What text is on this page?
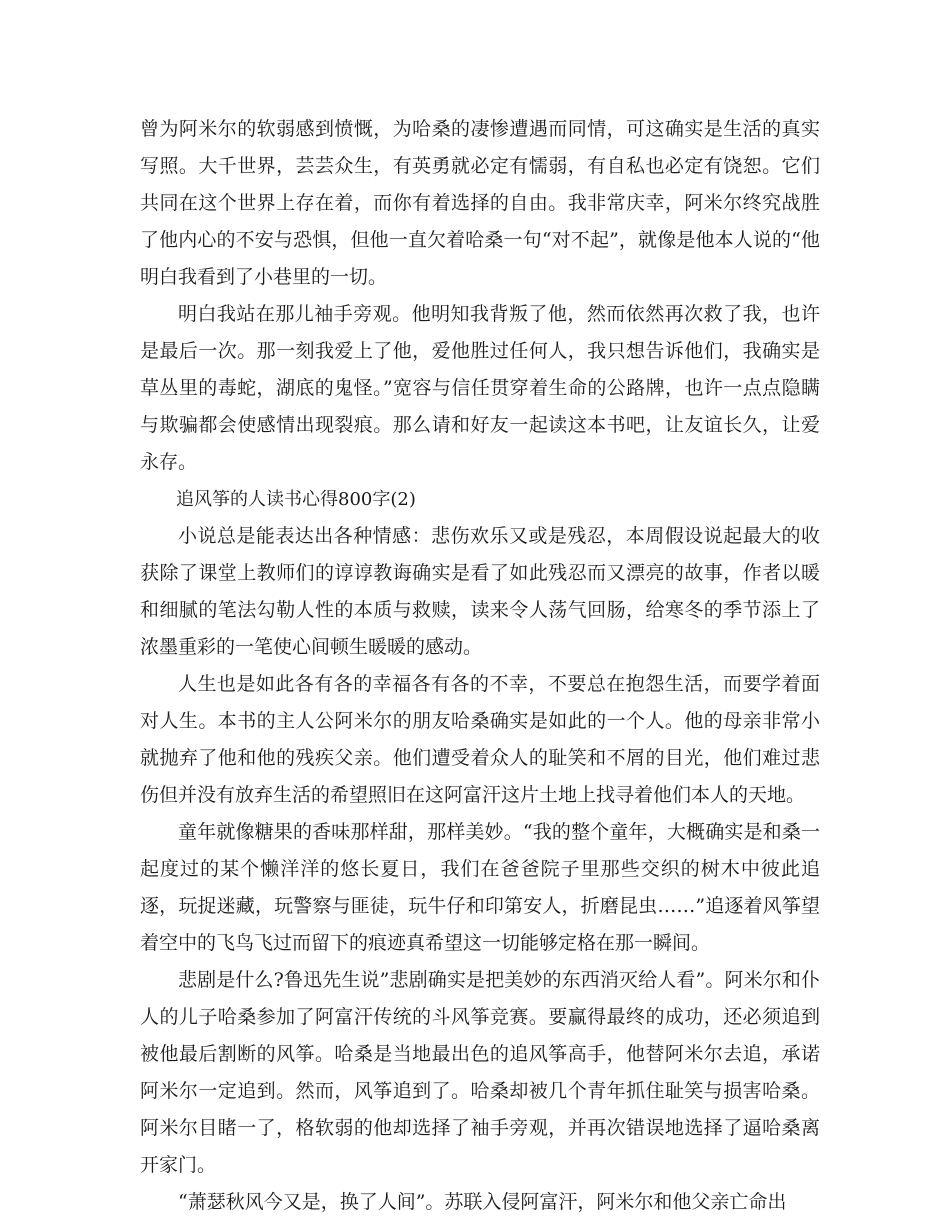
曾为阿米尔的软弱感到愤慨，为哈桑的凄惨遭遇而同情，可这确实是生活的真实写照。大千世界，芸芸众生，有英勇就必定有懦弱，有自私也必定有饶恕。它们共同在这个世界上存在着，而你有着选择的自由。我非常庆幸，阿米尔终究战胜了他内心的不安与恐惧，但他一直欠着哈桑一句“对不起”，就像是他本人说的“他明白我看到了小巷里的一切。

明白我站在那儿袖手旁观。他明知我背叛了他，然而依然再次救了我，也许是最后一次。那一刻我爱上了他，爱他胜过任何人，我只想告诉他们，我确实是草丛里的毒蛇，湖底的鬼怪。”宽容与信任贯穿着生命的公路牌，也许一点点隐瞒与欺骗都会使感情出现裂痕。那么请和好友一起读这本书吧，让友谊长久，让爱永存。

追风筝的人读书心得800字(2)

小说总是能表达出各种情感：悲伤欢乐又或是残忍，本周假设说起最大的收获除了课堂上教师们的谆谆教诲确实是看了如此残忍而又漂亮的故事，作者以暖和细腻的笔法勾勒人性的本质与救赎，读来令人荡气回肠，给寒冬的季节添上了浓墨重彩的一笔使心间顿生暖暖的感动。

人生也是如此各有各的幸福各有各的不幸，不要总在抱怨生活，而要学着面对人生。本书的主人公阿米尔的朋友哈桑确实是如此的一个人。他的母亲非常小就抛弃了他和他的残疾父亲。他们遭受着众人的耻笑和不屑的目光，他们难过悲伤但并没有放弃生活的希望照旧在这阿富汗这片土地上找寻着他们本人的天地。

童年就像糖果的香味那样甜，那样美妙。“我的整个童年，大概确实是和桑一起度过的某个懒洋洋的悠长夏日，我们在爸爸院子里那些交织的树木中彼此追逐，玩捉迷藏，玩警察与匪徒，玩牛仔和印第安人，折磨昆虫……”追逐着风筝望着空中的飞鸟飞过而留下的痕迹真希望这一切能够定格在那一瞬间。

悲剧是什么?鲁迅先生说”悲剧确实是把美妙的东西消灭给人看”。阿米尔和仆人的儿子哈桑参加了阿富汗传统的斗风筝竞赛。要赢得最终的成功，还必须追到被他最后割断的风筝。哈桑是当地最出色的追风筝高手，他替阿米尔去追，承诺阿米尔一定追到。然而，风筝追到了。哈桑却被几个青年抓住耻笑与损害哈桑。阿米尔目睹一了，格软弱的他却选择了袖手旁观，并再次错误地选择了逼哈桑离开家门。

“萧瑟秋风今又是，换了人间”。苏联入侵阿富汗，阿米尔和他父亲亡命出
